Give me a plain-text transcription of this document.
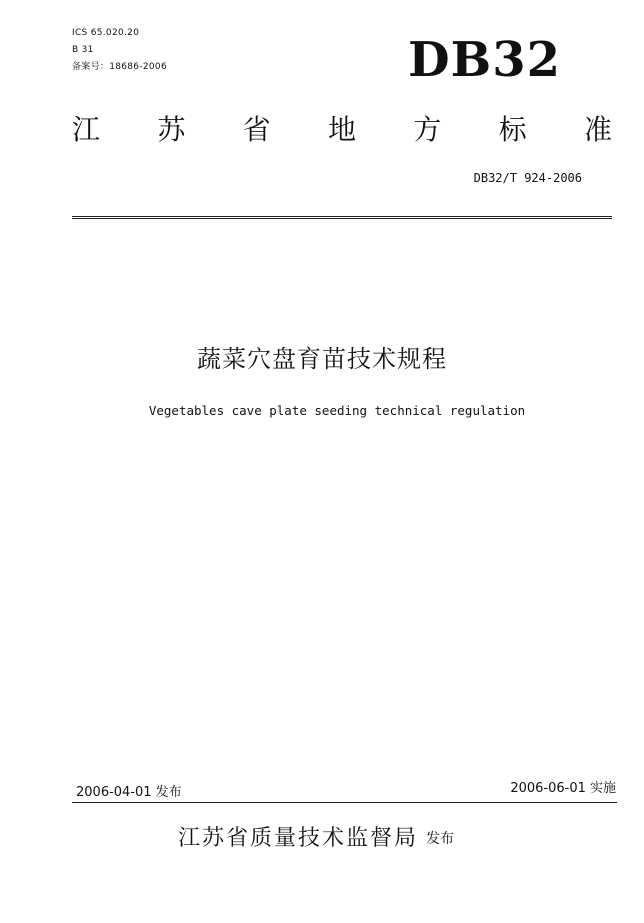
ICS 65.020.20
B 31
备案号：18686-2006	DB32
江 苏 省 地 方 标 准
DB32/T 924-2006
蔬菜穴盘育苗技术规程
Vegetables cave plate seeding technical regulation
2006-04-01 发布	2006-06-01 实施
江苏省质量技术监督局 发布
